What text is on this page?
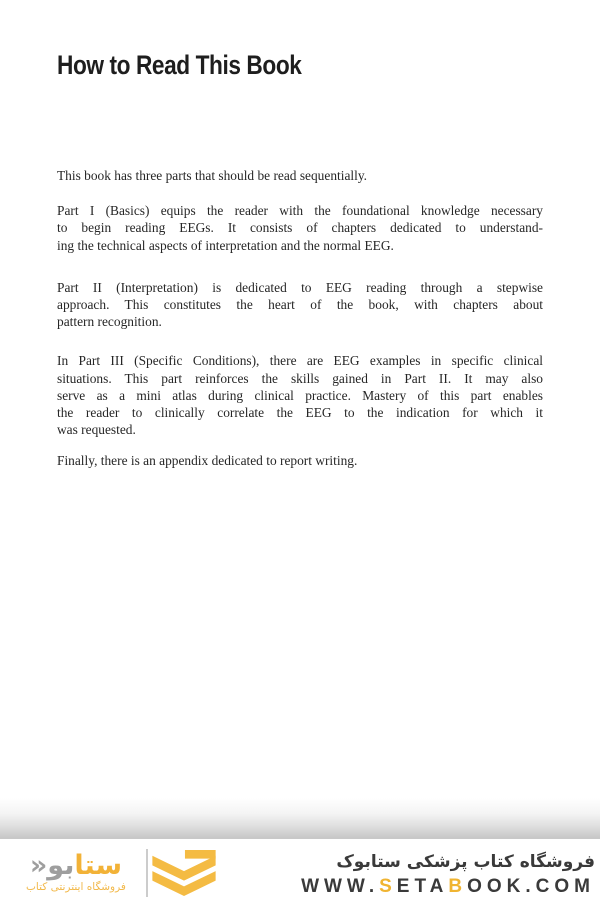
How to Read This Book

This book has three parts that should be read sequentially.

Part I (Basics) equips the reader with the foundational knowledge necessary
to begin reading EEGs. It consists of chapters dedicated to understand-
ing the technical aspects of interpretation and the normal EEG.

Part II (Interpretation) is dedicated to EEG reading through a stepwise
approach. This constitutes the heart of the book, with chapters about
pattern recognition.

In Part III (Specific Conditions), there are EEG examples in specific clinical
situations. This part reinforces the skills gained in Part II. It may also
serve as a mini atlas during clinical practice. Mastery of this part enables
the reader to clinically correlate the EEG to the indication for which it
was requested.

Finally, there is an appendix dedicated to report writing.

ستابو«
فروشگاه اینترنتی کتاب
فروشگاه کتاب پزشکی ستابوک
WWW.SETABOOK.COM
